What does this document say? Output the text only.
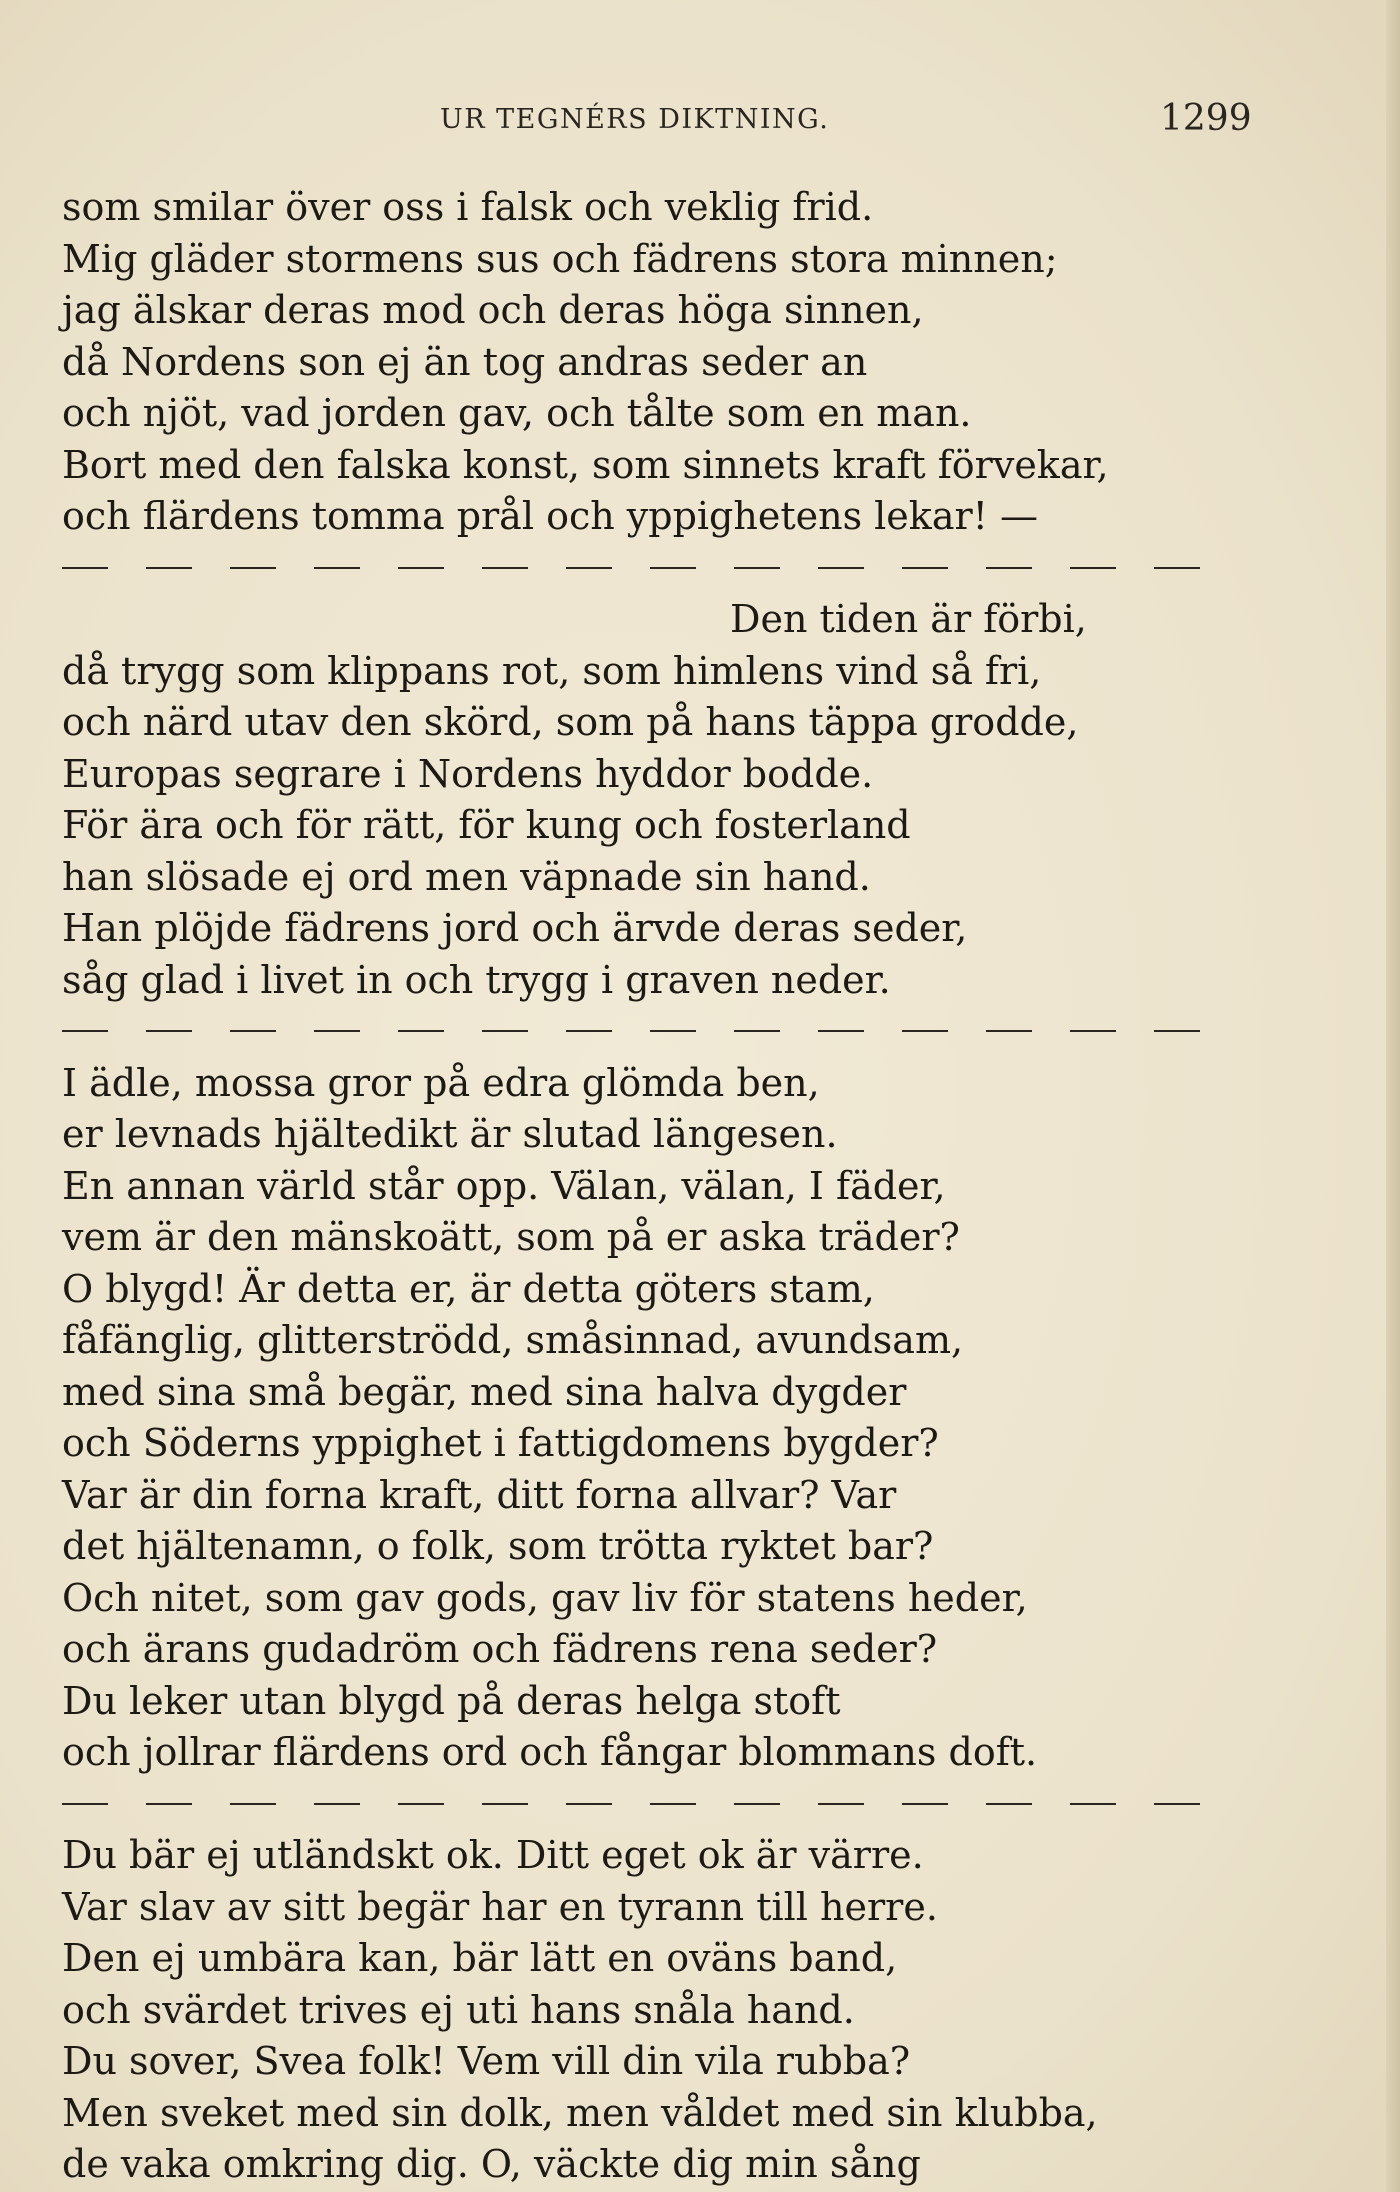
UR TEGNÉRS DIKTNING.	1299
som smilar över oss i falsk och veklig frid.
Mig gläder stormens sus och fädrens stora minnen;
jag älskar deras mod och deras höga sinnen,
då Nordens son ej än tog andras seder an
och njöt, vad jorden gav, och tålte som en man.
Bort med den falska konst, som sinnets kraft förvekar,
och flärdens tomma prål och yppighetens lekar! —
Den tiden är förbi,
då trygg som klippans rot, som himlens vind så fri,
och närd utav den skörd, som på hans täppa grodde,
Europas segrare i Nordens hyddor bodde.
För ära och för rätt, för kung och fosterland
han slösade ej ord men väpnade sin hand.
Han plöjde fädrens jord och ärvde deras seder,
såg glad i livet in och trygg i graven neder.
I ädle, mossa gror på edra glömda ben,
er levnads hjältedikt är slutad längesen.
En annan värld står opp. Välan, välan, I fäder,
vem är den mänskoätt, som på er aska träder?
O blygd! Är detta er, är detta göters stam,
fåfänglig, glitterströdd, småsinnad, avundsam,
med sina små begär, med sina halva dygder
och Söderns yppighet i fattigdomens bygder?
Var är din forna kraft, ditt forna allvar? Var
det hjältenamn, o folk, som trötta ryktet bar?
Och nitet, som gav gods, gav liv för statens heder,
och ärans gudadröm och fädrens rena seder?
Du leker utan blygd på deras helga stoft
och jollrar flärdens ord och fångar blommans doft.
Du bär ej utländskt ok. Ditt eget ok är värre.
Var slav av sitt begär har en tyrann till herre.
Den ej umbära kan, bär lätt en oväns band,
och svärdet trives ej uti hans snåla hand.
Du sover, Svea folk! Vem vill din vila rubba?
Men sveket med sin dolk, men våldet med sin klubba,
de vaka omkring dig. O, väckte dig min sång
